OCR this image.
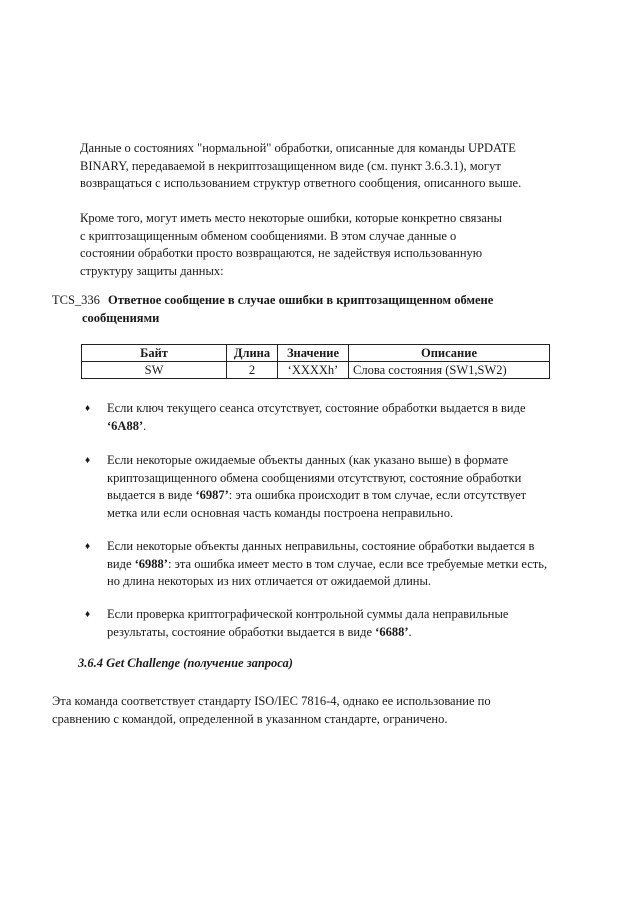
Данные о состояниях "нормальной" обработки, описанные для команды UPDATE BINARY, передаваемой в некриптозащищенном виде (см. пункт 3.6.3.1), могут возвращаться с использованием структур ответного сообщения, описанного выше.

Кроме того, могут иметь место некоторые ошибки, которые конкретно связаны с криптозащищенным обменом сообщениями. В этом случае данные о состоянии обработки просто возвращаются, не задействуя использованную структуру защиты данных:

TCS_336 Ответное сообщение в случае ошибки в криптозащищенном обмене сообщениями
Байт	Длина	Значение	Описание
SW	2	‘XXXXh’	Слова состояния (SW1,SW2)
♦ Если ключ текущего сеанса отсутствует, состояние обработки выдается в виде ‘6A88’.
♦ Если некоторые ожидаемые объекты данных (как указано выше) в формате криптозащищенного обмена сообщениями отсутствуют, состояние обработки выдается в виде ‘6987’: эта ошибка происходит в том случае, если отсутствует метка или если основная часть команды построена неправильно.
♦ Если некоторые объекты данных неправильны, состояние обработки выдается в виде ‘6988’: эта ошибка имеет место в том случае, если все требуемые метки есть, но длина некоторых из них отличается от ожидаемой длины.
♦ Если проверка криптографической контрольной суммы дала неправильные результаты, состояние обработки выдается в виде ‘6688’.
3.6.4 Get Challenge (получение запроса)

Эта команда соответствует стандарту ISO/IEC 7816-4, однако ее использование по сравнению с командой, определенной в указанном стандарте, ограничено.
